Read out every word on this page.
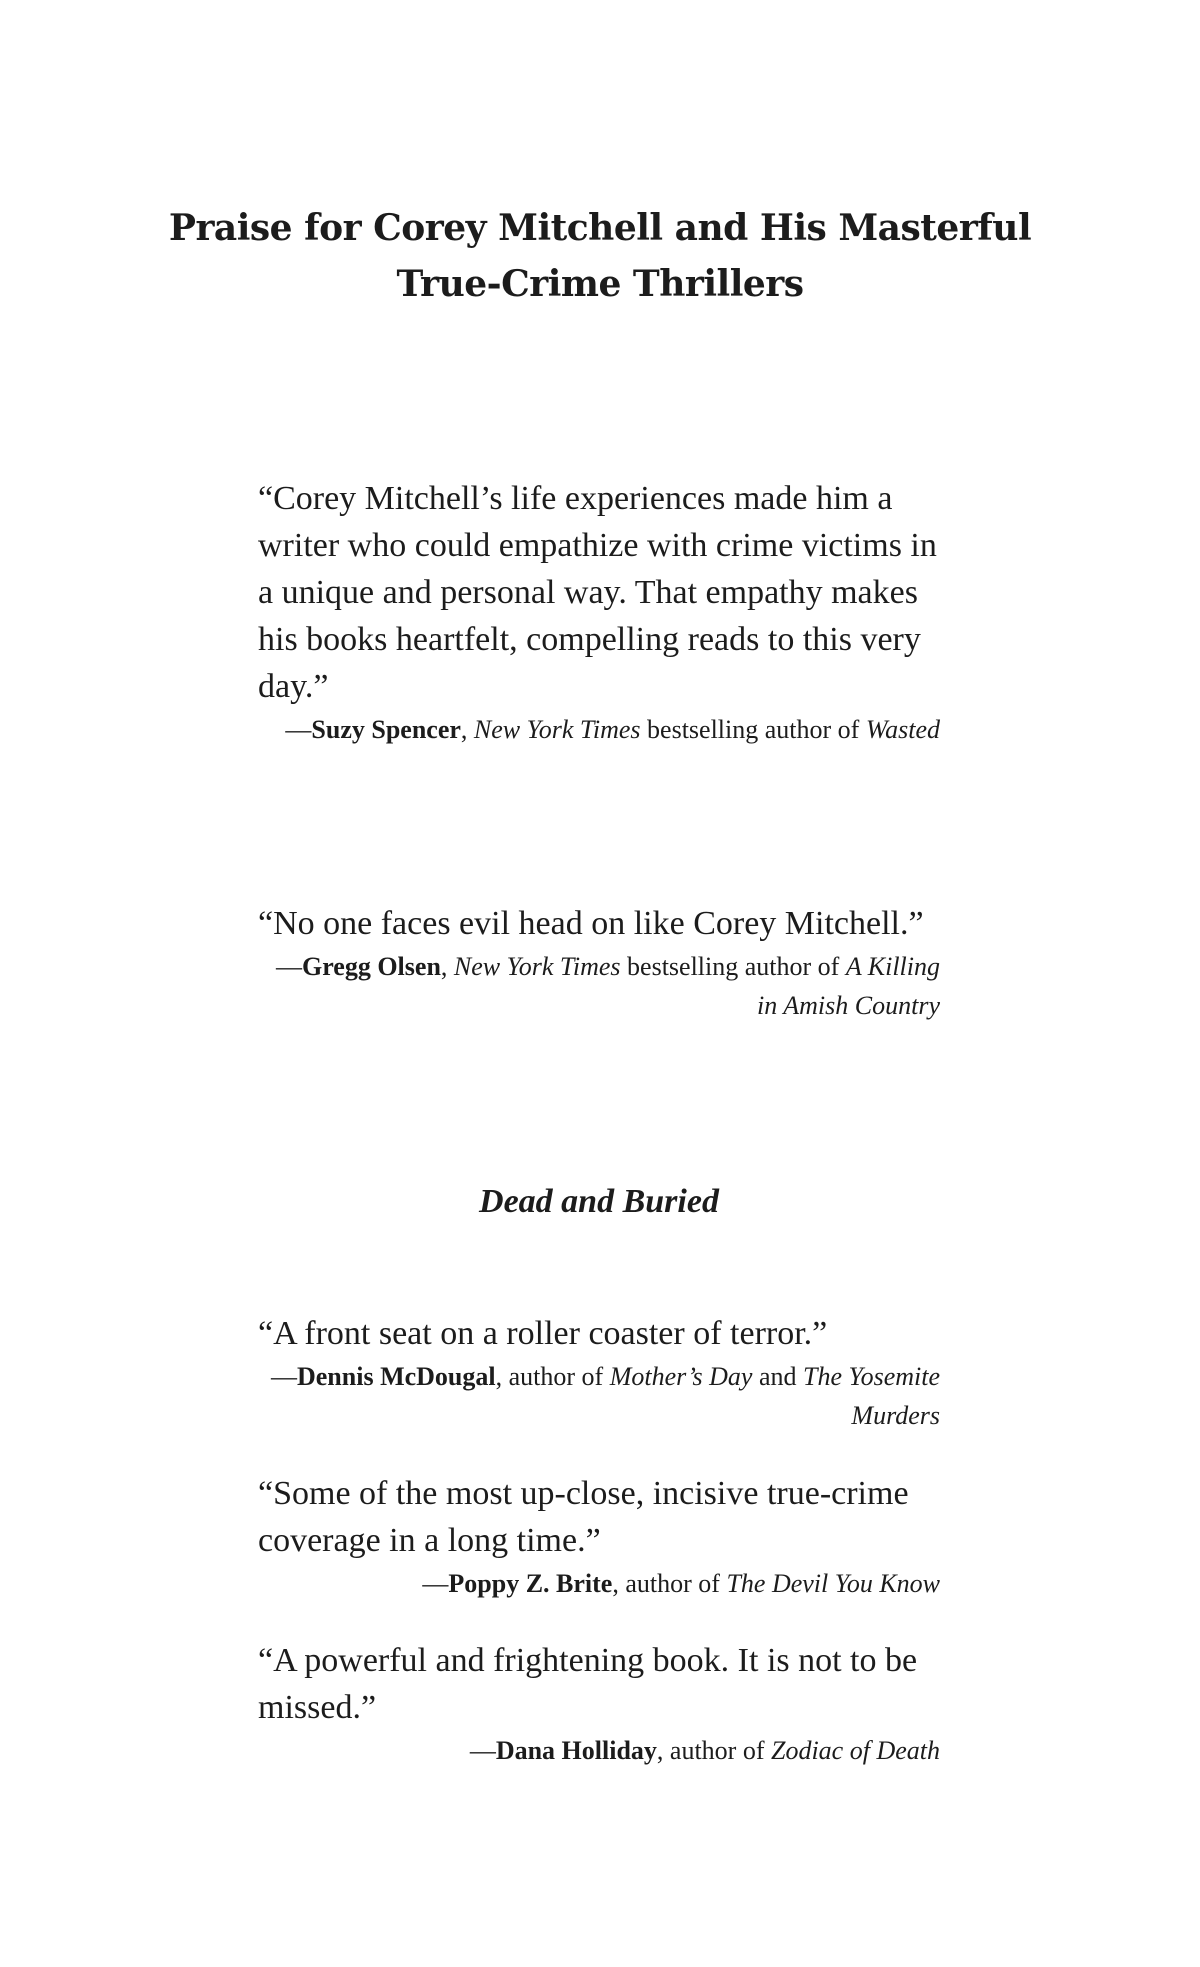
Praise for Corey Mitchell and His Masterful True-Crime Thrillers

“Corey Mitchell’s life experiences made him a writer who could empathize with crime victims in a unique and personal way. That empathy makes his books heartfelt, compelling reads to this very day.”

—Suzy Spencer, New York Times bestselling author of Wasted

“No one faces evil head on like Corey Mitchell.”

—Gregg Olsen, New York Times bestselling author of A Killing in Amish Country

Dead and Buried

“A front seat on a roller coaster of terror.”

—Dennis McDougal, author of Mother’s Day and The Yosemite Murders

“Some of the most up-close, incisive true-crime coverage in a long time.”

—Poppy Z. Brite, author of The Devil You Know

“A powerful and frightening book. It is not to be missed.”

—Dana Holliday, author of Zodiac of Death
